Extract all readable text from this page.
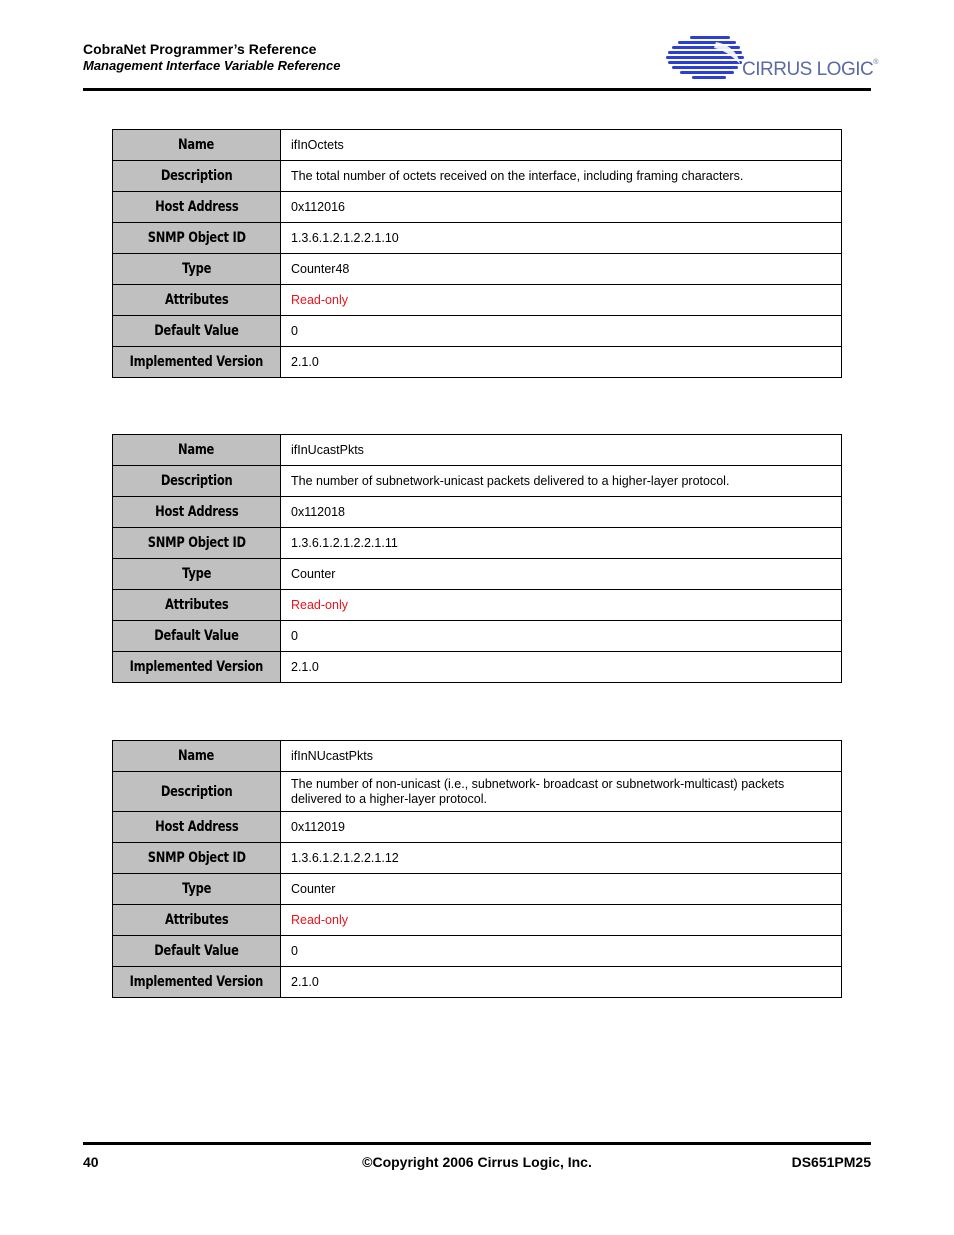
CobraNet Programmer’s Reference
Management Interface Variable Reference	CIRRUS LOGIC®
Name	ifInOctets
Description	The total number of octets received on the interface, including framing characters.
Host Address	0x112016
SNMP Object ID	1.3.6.1.2.1.2.2.1.10
Type	Counter48
Attributes	Read-only
Default Value	0
Implemented Version	2.1.0
Name	ifInUcastPkts
Description	The number of subnetwork-unicast packets delivered to a higher-layer protocol.
Host Address	0x112018
SNMP Object ID	1.3.6.1.2.1.2.2.1.11
Type	Counter
Attributes	Read-only
Default Value	0
Implemented Version	2.1.0
Name	ifInNUcastPkts
Description	The number of non-unicast (i.e., subnetwork- broadcast or subnetwork-multicast) packets delivered to a higher-layer protocol.
Host Address	0x112019
SNMP Object ID	1.3.6.1.2.1.2.2.1.12
Type	Counter
Attributes	Read-only
Default Value	0
Implemented Version	2.1.0
40	©Copyright 2006 Cirrus Logic, Inc.	DS651PM25
